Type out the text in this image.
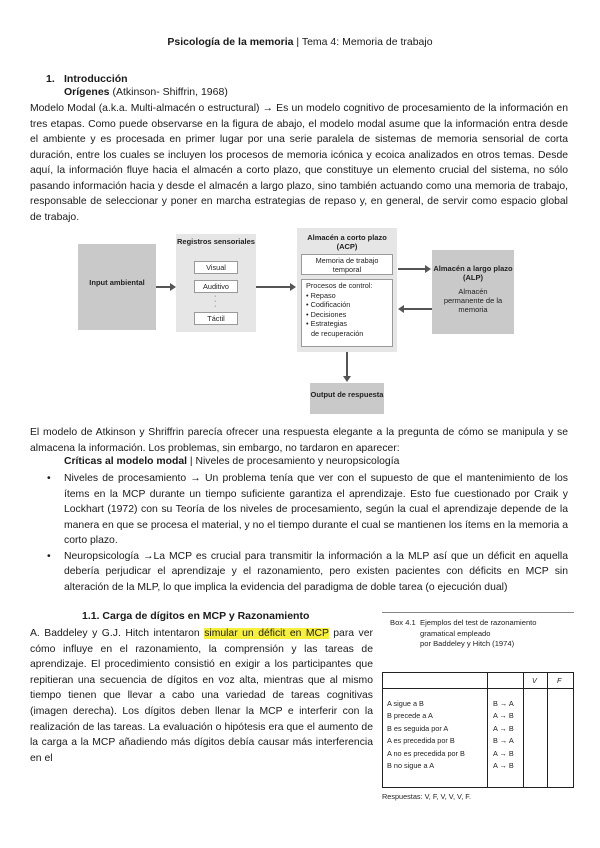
Psicología de la memoria | Tema 4: Memoria de trabajo
1. Introducción
Orígenes (Atkinson- Shiffrin, 1968)
Modelo Modal (a.k.a. Multi-almacén o estructural) → Es un modelo cognitivo de procesamiento de la información en tres etapas. Como puede observarse en la figura de abajo, el modelo modal asume que la información entra desde el ambiente y es procesada en primer lugar por una serie paralela de sistemas de memoria sensorial de corta duración, entre los cuales se incluyen los procesos de memoria icónica y ecoica analizados en otros temas. Desde aquí, la información fluye hacia el almacén a corto plazo, que constituye un elemento crucial del sistema, no sólo pasando información hacia y desde el almacén a largo plazo, sino también actuando como una memoria de trabajo, responsable de seleccionar y poner en marcha estrategias de repaso y, en general, de servir como espacio global de trabajo.
Input ambiental
Registros sensoriales
Visual
Auditivo
·
·
·
Táctil
Almacén a corto plazo (ACP)
Memoria de trabajo temporal
Procesos de control:
• Repaso
• Codificación
• Decisiones
• Estrategias
de recuperación
Almacén a largo plazo (ALP)
Almacén permanente de la memoria
Output de respuesta
El modelo de Atkinson y Shriffrin parecía ofrecer una respuesta elegante a la pregunta de cómo se manipula y se almacena la información. Los problemas, sin embargo, no tardaron en aparecer:
Críticas al modelo modal | Niveles de procesamiento y neuropsicología
• Niveles de procesamiento → Un problema tenía que ver con el supuesto de que el mantenimiento de los ítems en la MCP durante un tiempo suficiente garantiza el aprendizaje. Esto fue cuestionado por Craik y Lockhart (1972) con su Teoría de los niveles de procesamiento, según la cual el aprendizaje depende de la manera en que se procesa el material, y no el tiempo durante el cual se mantienen los ítems en la memoria a corto plazo.
• Neuropsicología →La MCP es crucial para transmitir la información a la MLP así que un déficit en aquella debería perjudicar el aprendizaje y el razonamiento, pero existen pacientes con déficits en MCP sin alteración de la MLP, lo que implica la evidencia del paradigma de doble tarea (o ejecución dual)
1.1. Carga de dígitos en MCP y Razonamiento
A. Baddeley y G.J. Hitch intentaron simular un déficit en MCP para ver cómo influye en el razonamiento, la comprensión y las tareas de aprendizaje. El procedimiento consistió en exigir a los participantes que repitieran una secuencia de dígitos en voz alta, mientras que al mismo tiempo tienen que llevar a cabo una variedad de tareas cognitivas (imagen derecha). Los dígitos deben llenar la MCP e interferir con la realización de las tareas. La evaluación o hipótesis era que el aumento de la carga a la MCP añadiendo más dígitos debía causar más interferencia en el
Box 4.1 Ejemplos del test de razonamiento
gramatical empleado
por Baddeley y Hitch (1974)
V	F
A sigue a B	B → A
B precede a A	A → B
B es seguida por A	A → B
A es precedida por B	B → A
A no es precedida por B	A → B
B no sigue a A	A → B
Respuestas: V, F, V, V, V, F.
